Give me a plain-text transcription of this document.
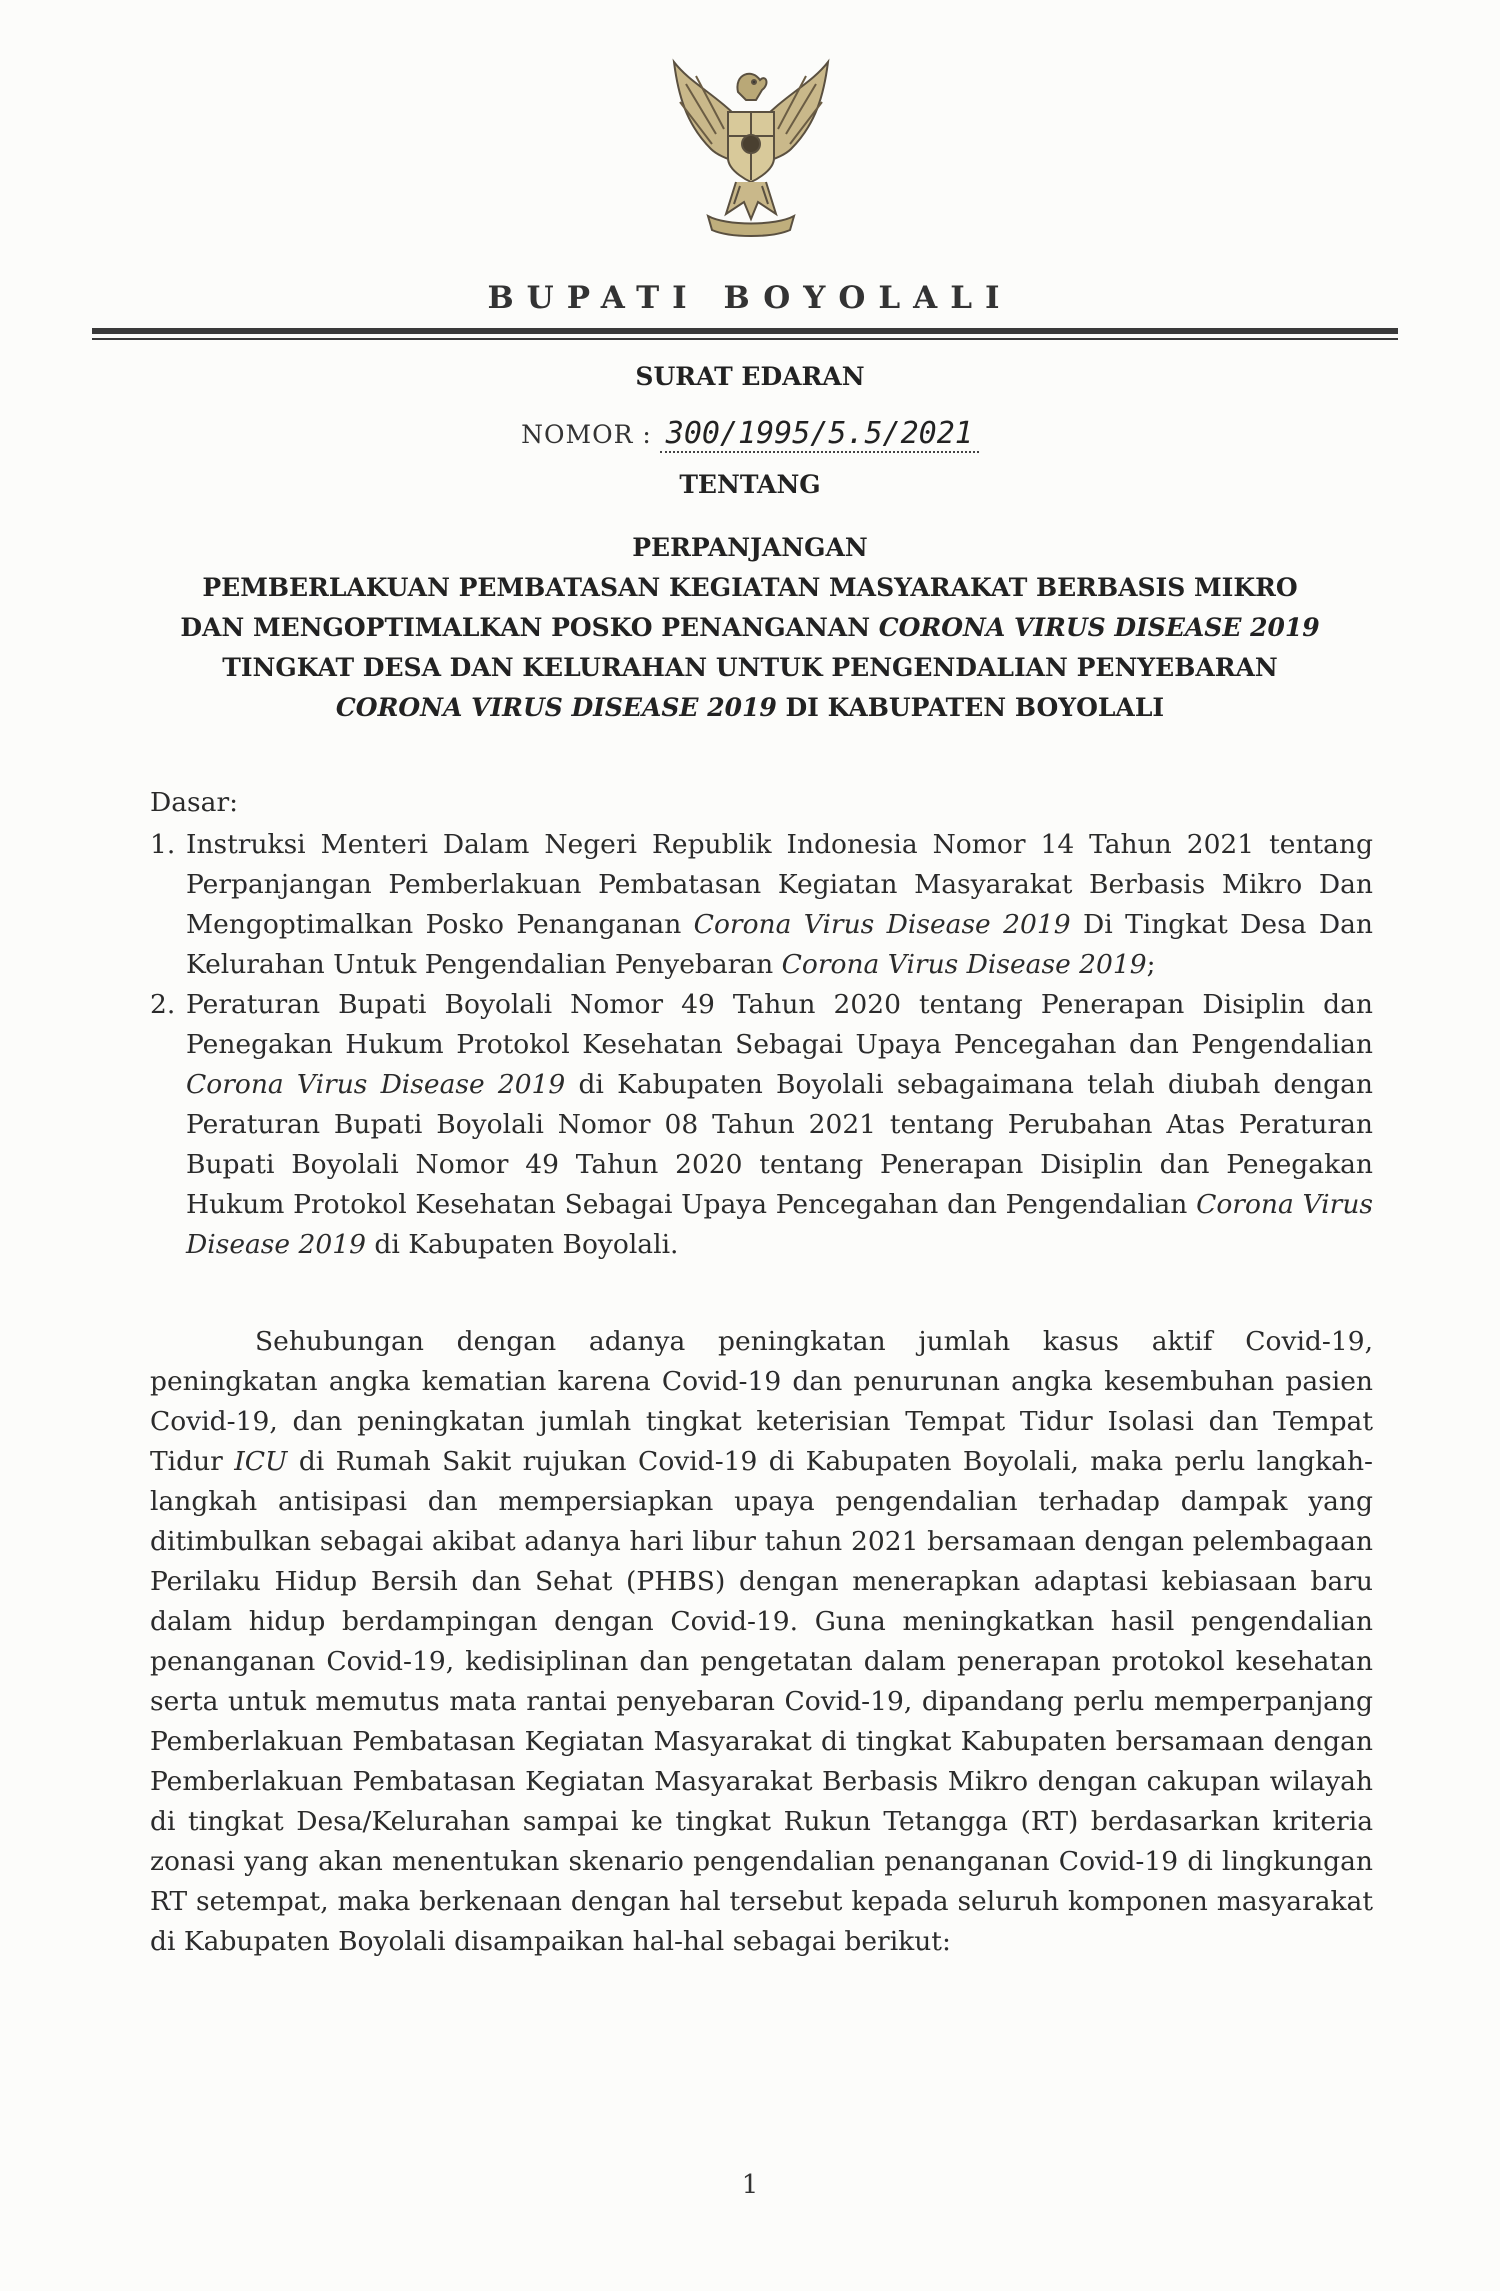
BUPATI BOYOLALI
SURAT EDARAN
NOMOR : 300/1995/5.5/2021
TENTANG
PERPANJANGAN
PEMBERLAKUAN PEMBATASAN KEGIATAN MASYARAKAT BERBASIS MIKRO
DAN MENGOPTIMALKAN POSKO PENANGANAN CORONA VIRUS DISEASE 2019
TINGKAT DESA DAN KELURAHAN UNTUK PENGENDALIAN PENYEBARAN
CORONA VIRUS DISEASE 2019 DI KABUPATEN BOYOLALI
Dasar:
1. Instruksi Menteri Dalam Negeri Republik Indonesia Nomor 14 Tahun 2021 tentang Perpanjangan Pemberlakuan Pembatasan Kegiatan Masyarakat Berbasis Mikro Dan Mengoptimalkan Posko Penanganan Corona Virus Disease 2019 Di Tingkat Desa Dan Kelurahan Untuk Pengendalian Penyebaran Corona Virus Disease 2019;
2. Peraturan Bupati Boyolali Nomor 49 Tahun 2020 tentang Penerapan Disiplin dan Penegakan Hukum Protokol Kesehatan Sebagai Upaya Pencegahan dan Pengendalian Corona Virus Disease 2019 di Kabupaten Boyolali sebagaimana telah diubah dengan Peraturan Bupati Boyolali Nomor 08 Tahun 2021 tentang Perubahan Atas Peraturan Bupati Boyolali Nomor 49 Tahun 2020 tentang Penerapan Disiplin dan Penegakan Hukum Protokol Kesehatan Sebagai Upaya Pencegahan dan Pengendalian Corona Virus Disease 2019 di Kabupaten Boyolali.
Sehubungan dengan adanya peningkatan jumlah kasus aktif Covid-19, peningkatan angka kematian karena Covid-19 dan penurunan angka kesembuhan pasien Covid-19, dan peningkatan jumlah tingkat keterisian Tempat Tidur Isolasi dan Tempat Tidur ICU di Rumah Sakit rujukan Covid-19 di Kabupaten Boyolali, maka perlu langkah-langkah antisipasi dan mempersiapkan upaya pengendalian terhadap dampak yang ditimbulkan sebagai akibat adanya hari libur tahun 2021 bersamaan dengan pelembagaan Perilaku Hidup Bersih dan Sehat (PHBS) dengan menerapkan adaptasi kebiasaan baru dalam hidup berdampingan dengan Covid-19. Guna meningkatkan hasil pengendalian penanganan Covid-19, kedisiplinan dan pengetatan dalam penerapan protokol kesehatan serta untuk memutus mata rantai penyebaran Covid-19, dipandang perlu memperpanjang Pemberlakuan Pembatasan Kegiatan Masyarakat di tingkat Kabupaten bersamaan dengan Pemberlakuan Pembatasan Kegiatan Masyarakat Berbasis Mikro dengan cakupan wilayah di tingkat Desa/Kelurahan sampai ke tingkat Rukun Tetangga (RT) berdasarkan kriteria zonasi yang akan menentukan skenario pengendalian penanganan Covid-19 di lingkungan RT setempat, maka berkenaan dengan hal tersebut kepada seluruh komponen masyarakat di Kabupaten Boyolali disampaikan hal-hal sebagai berikut:
1
